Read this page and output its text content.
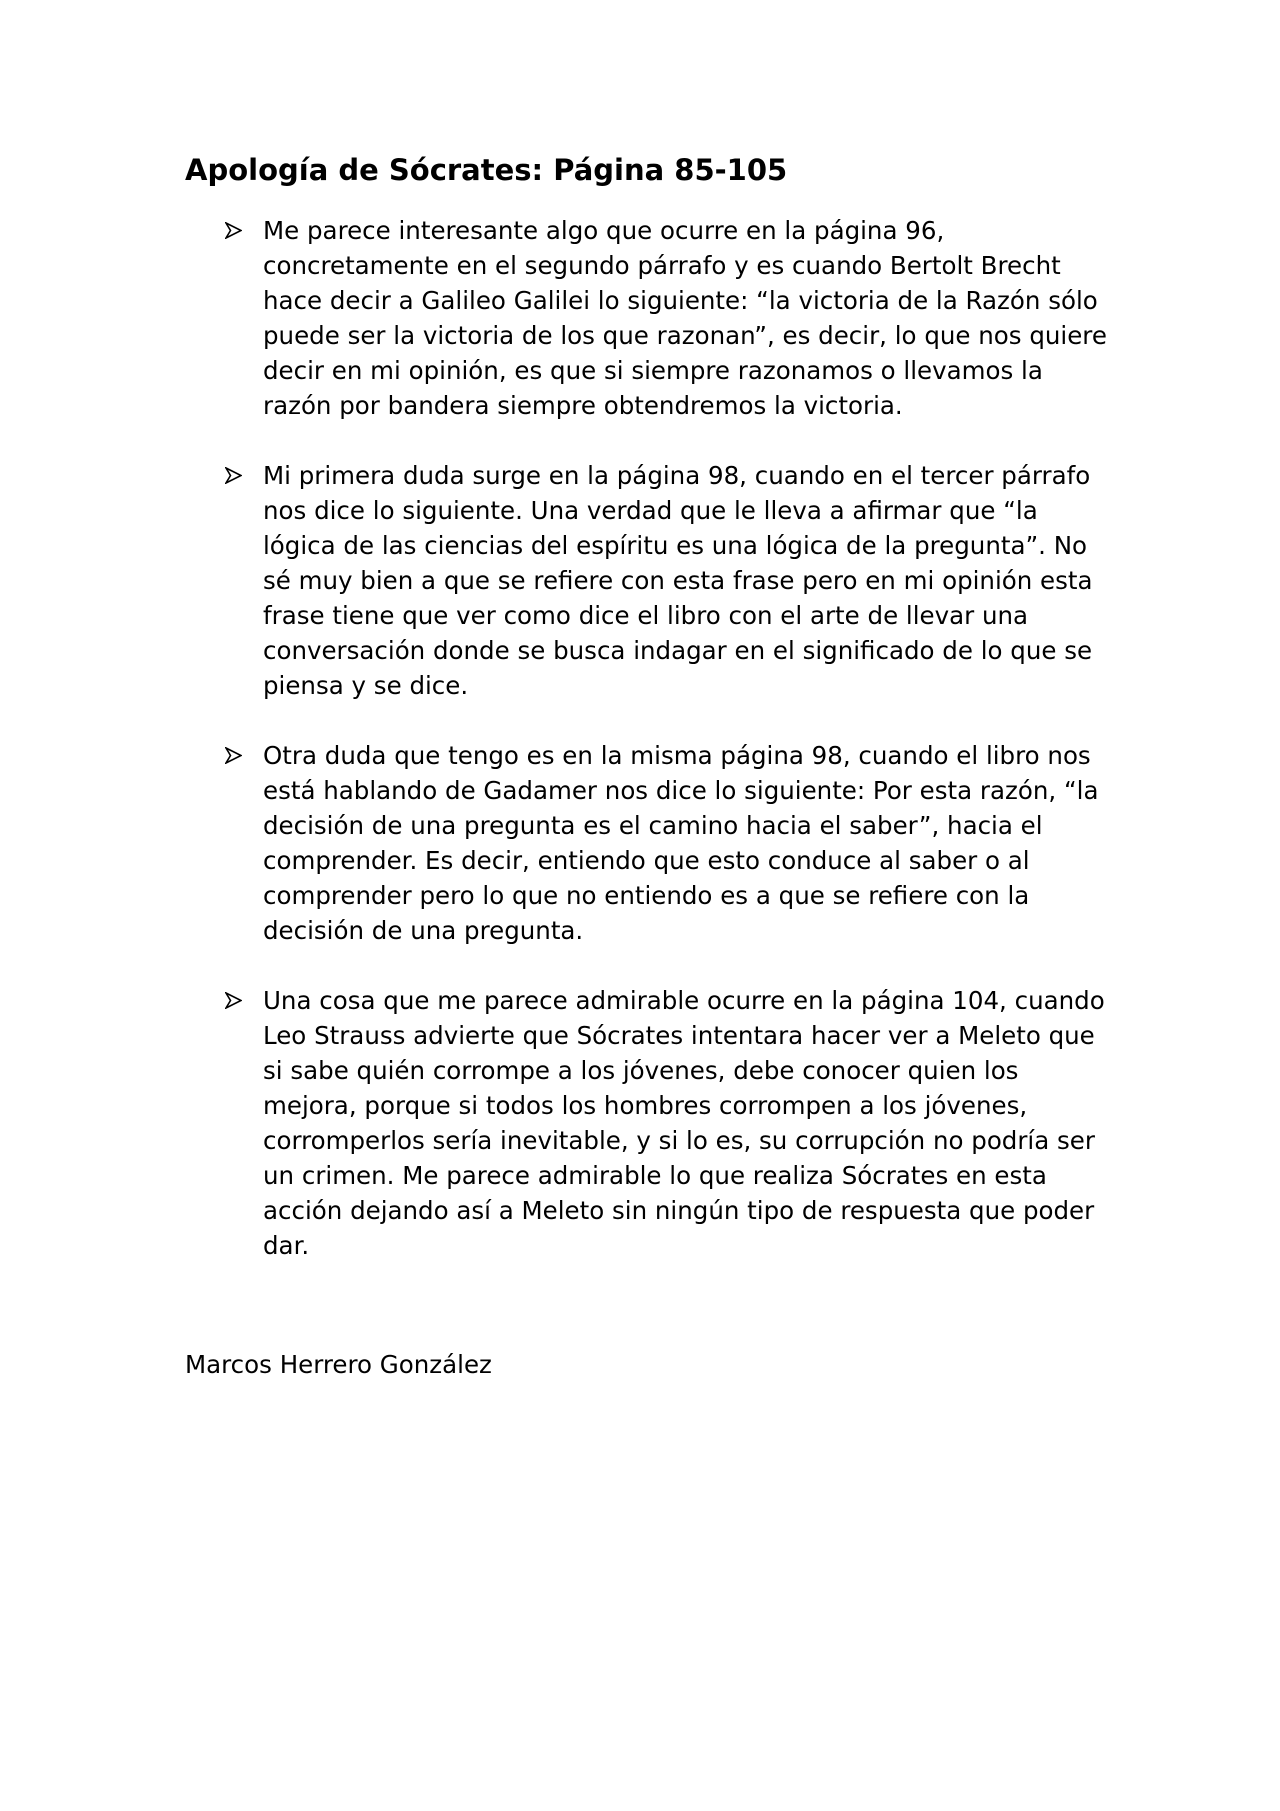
Apología de Sócrates: Página 85-105
Me parece interesante algo que ocurre en la página 96, concretamente en el segundo párrafo y es cuando Bertolt Brecht hace decir a Galileo Galilei lo siguiente: “la victoria de la Razón sólo puede ser la victoria de los que razonan”, es decir, lo que nos quiere decir en mi opinión, es que si siempre razonamos o llevamos la razón por bandera siempre obtendremos la victoria.
Mi primera duda surge en la página 98, cuando en el tercer párrafo nos dice lo siguiente. Una verdad que le lleva a afirmar que “la lógica de las ciencias del espíritu es una lógica de la pregunta”. No sé muy bien a que se refiere con esta frase pero en mi opinión esta frase tiene que ver como dice el libro con el arte de llevar una conversación donde se busca indagar en el significado de lo que se piensa y se dice.
Otra duda que tengo es en la misma página 98, cuando el libro nos está hablando de Gadamer nos dice lo siguiente: Por esta razón, “la decisión de una pregunta es el camino hacia el saber”, hacia el comprender. Es decir, entiendo que esto conduce al saber o al comprender pero lo que no entiendo es a que se refiere con la decisión de una pregunta.
Una cosa que me parece admirable ocurre en la página 104, cuando Leo Strauss advierte que Sócrates intentara hacer ver a Meleto que si sabe quién corrompe a los jóvenes, debe conocer quien los mejora, porque si todos los hombres corrompen a los jóvenes, corromperlos sería inevitable, y si lo es, su corrupción no podría ser un crimen. Me parece admirable lo que realiza Sócrates en esta acción dejando así a Meleto sin ningún tipo de respuesta que poder dar.

Marcos Herrero González
